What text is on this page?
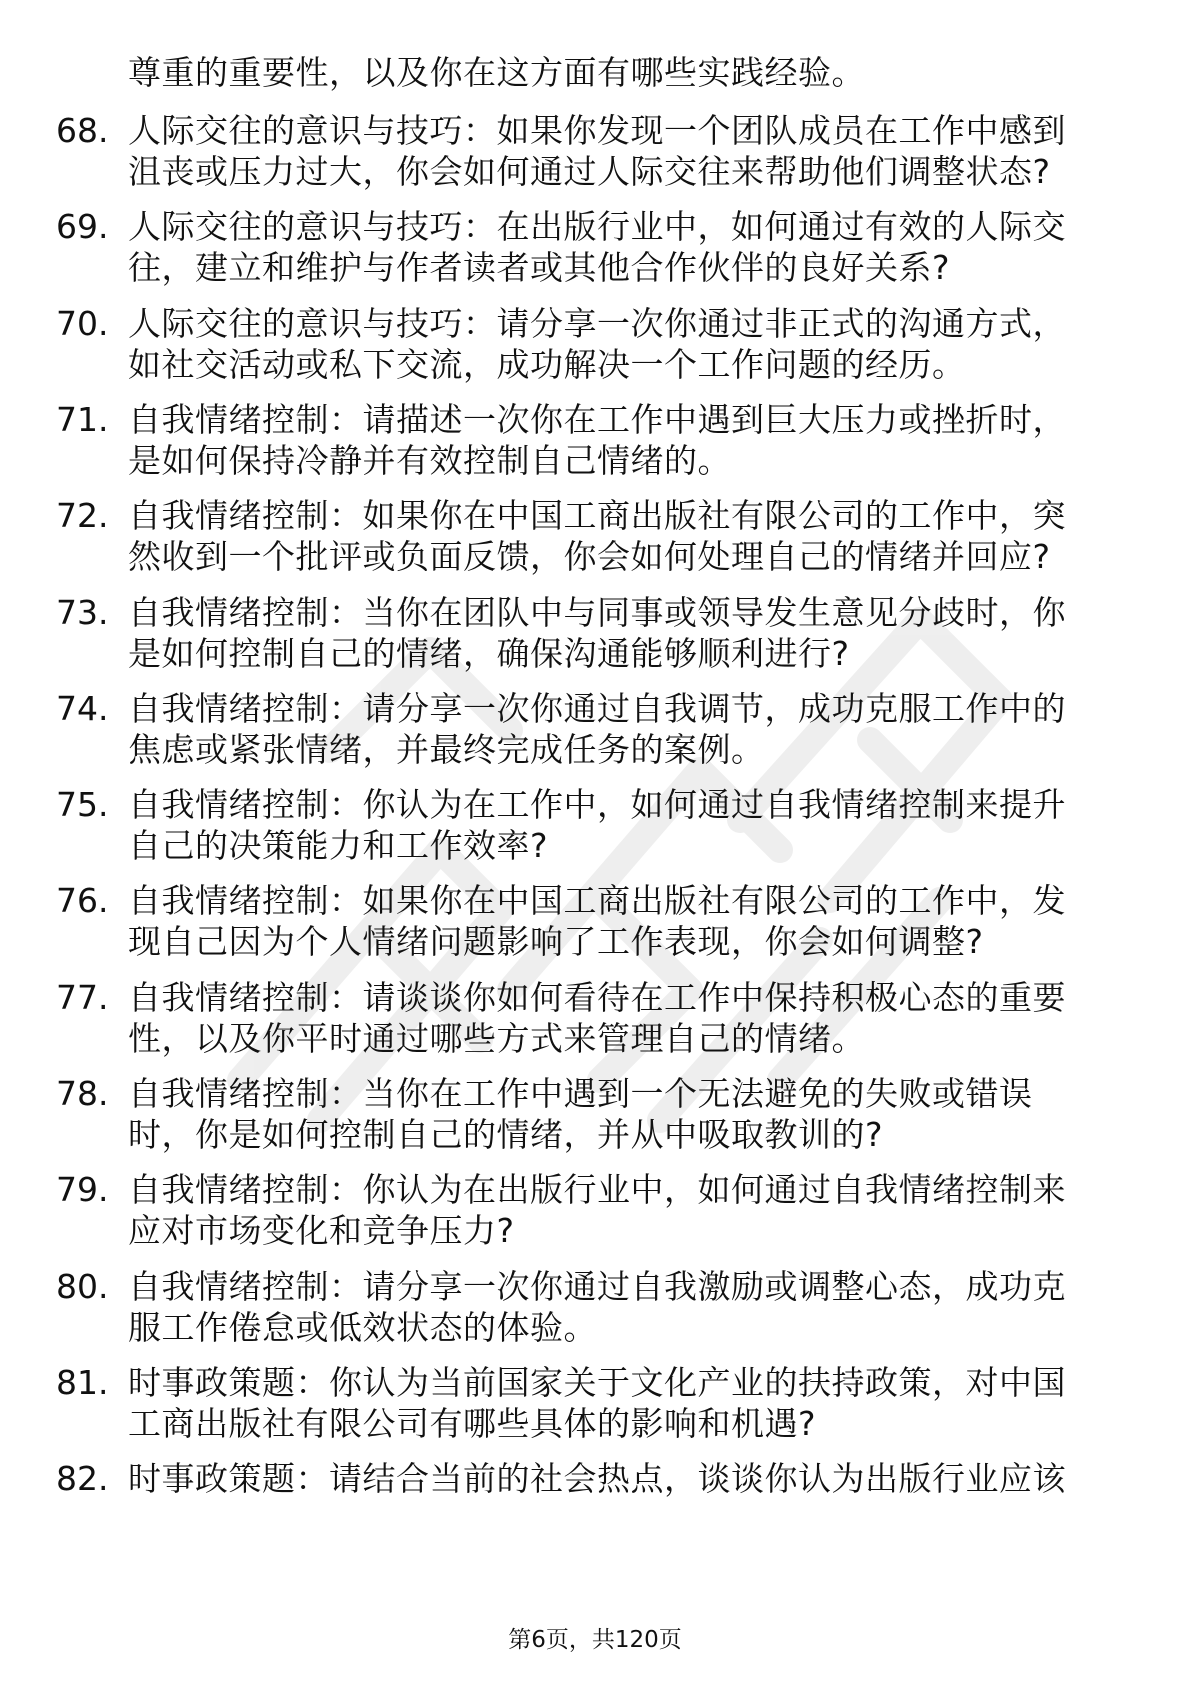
尊重的重要性，以及你在这方面有哪些实践经验。
68. 人际交往的意识与技巧：如果你发现一个团队成员在工作中感到
沮丧或压力过大，你会如何通过人际交往来帮助他们调整状态?
69. 人际交往的意识与技巧：在出版行业中，如何通过有效的人际交
往，建立和维护与作者读者或其他合作伙伴的良好关系?
70. 人际交往的意识与技巧：请分享一次你通过非正式的沟通方式，
如社交活动或私下交流，成功解决一个工作问题的经历。
71. 自我情绪控制：请描述一次你在工作中遇到巨大压力或挫折时，
是如何保持冷静并有效控制自己情绪的。
72. 自我情绪控制：如果你在中国工商出版社有限公司的工作中，突
然收到一个批评或负面反馈，你会如何处理自己的情绪并回应?
73. 自我情绪控制：当你在团队中与同事或领导发生意见分歧时，你
是如何控制自己的情绪，确保沟通能够顺利进行?
74. 自我情绪控制：请分享一次你通过自我调节，成功克服工作中的
焦虑或紧张情绪，并最终完成任务的案例。
75. 自我情绪控制：你认为在工作中，如何通过自我情绪控制来提升
自己的决策能力和工作效率?
76. 自我情绪控制：如果你在中国工商出版社有限公司的工作中，发
现自己因为个人情绪问题影响了工作表现，你会如何调整?
77. 自我情绪控制：请谈谈你如何看待在工作中保持积极心态的重要
性，以及你平时通过哪些方式来管理自己的情绪。
78. 自我情绪控制：当你在工作中遇到一个无法避免的失败或错误
时，你是如何控制自己的情绪，并从中吸取教训的?
79. 自我情绪控制：你认为在出版行业中，如何通过自我情绪控制来
应对市场变化和竞争压力?
80. 自我情绪控制：请分享一次你通过自我激励或调整心态，成功克
服工作倦怠或低效状态的体验。
81. 时事政策题：你认为当前国家关于文化产业的扶持政策，对中国
工商出版社有限公司有哪些具体的影响和机遇?
82. 时事政策题：请结合当前的社会热点，谈谈你认为出版行业应该
第6页，共120页
